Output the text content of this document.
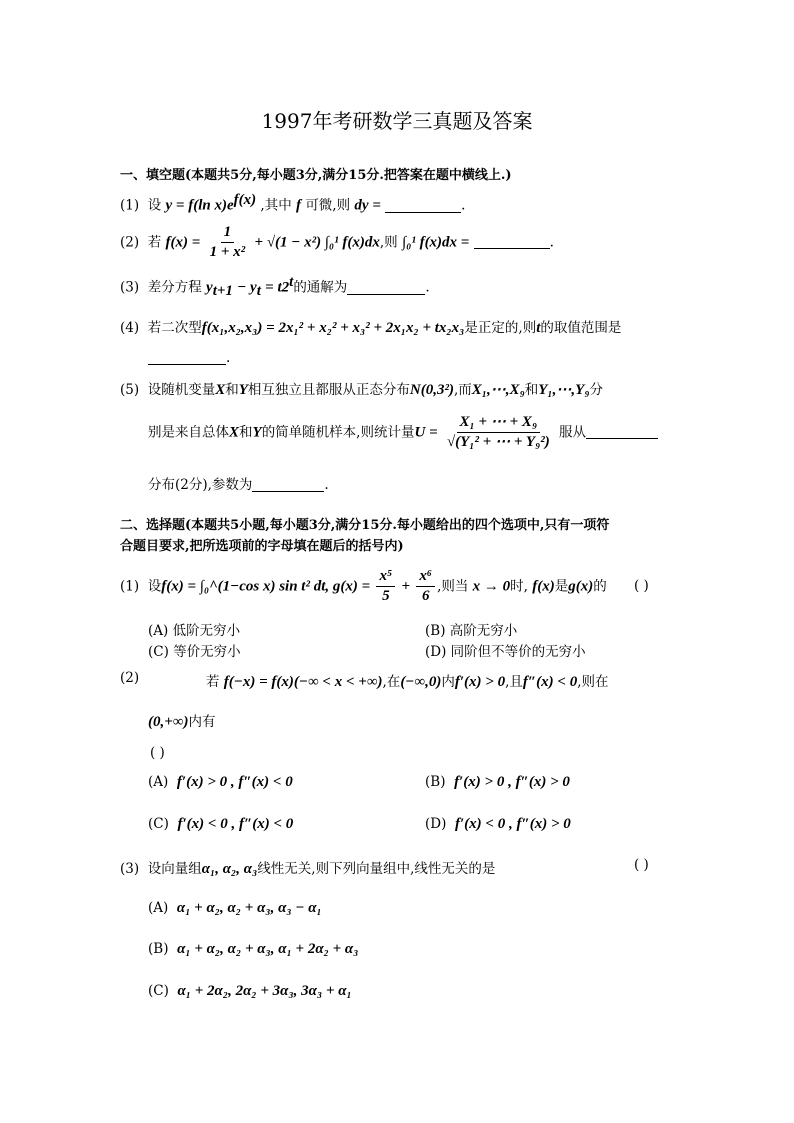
1997年考研数学三真题及答案
一、填空题(本题共5分,每小题3分,满分15分.把答案在题中横线上.)
(1) 设 y = f(ln $x)e^{f(x)}$ ,其中 f 可微,则 dy =	.
(2) 若 $f(x) = \frac{1}{\text{1 + x²}} + √(1 - x^2)$ ∫₀¹ f(x)dx,则 ∫₀¹ f(x)dx =	.
(3) 差分方程 $y_{t+1} - y_t = t2^t$的通解为	.
(4) 若二次型f(x₁,x₂,x₃) = 2x₁² + x₂² + x₃² + 2x₁x₂ + tx₂x₃是正定的,则t的取值范围是
.
(5) 设随机变量X和Y相互独立且都服从正态分布N(0,3²),而X₁,⋯,X₉和Y₁,⋯,Y₉分
别是来自总体X和Y的简单随机样本,则统计量$U = \frac{\text{X₁ + ⋯ + X₉}}{\text{√(Y₁² + ⋯ + Y₉²)}}$ 服从
分布(2分),参数为	.
二、选择题(本题共5小题,每小题3分,满分15分.每小题给出的四个选项中,只有一项符
合题目要求,把所选项前的字母填在题后的括号内)
(1) 设f(x) = ∫₀^(1−cos x) sin t² dt, $g(x) = \frac{\text{x⁵}}{5} + \frac{\text{x⁶}}{6}$ ,则当 x → 0时, f(x)是g(x)的 ( )
(A) 低阶无穷小	(B) 高阶无穷小
(C) 等价无穷小	(D) 同阶但不等价的无穷小
(2)	若 f(−x) = f(x)(−∞ < x < +∞),在(−∞,0)内f′(x) > 0,且f″(x) < 0,则在
(0,+∞)内有
( )
(A) f′(x) > 0 , f″(x) < 0	(B) f′(x) > 0 , f″(x) > 0
(C) f′(x) < 0 , f″(x) < 0	(D) f′(x) < 0 , f″(x) > 0
(3) 设向量组α₁, α₂, α₃线性无关,则下列向量组中,线性无关的是	( )
(A) α₁ + α₂, α₂ + α₃, α₃ − α₁
(B) α₁ + α₂, α₂ + α₃, α₁ + 2α₂ + α₃
(C) α₁ + 2α₂, 2α₂ + 3α₃, 3α₃ + α₁
